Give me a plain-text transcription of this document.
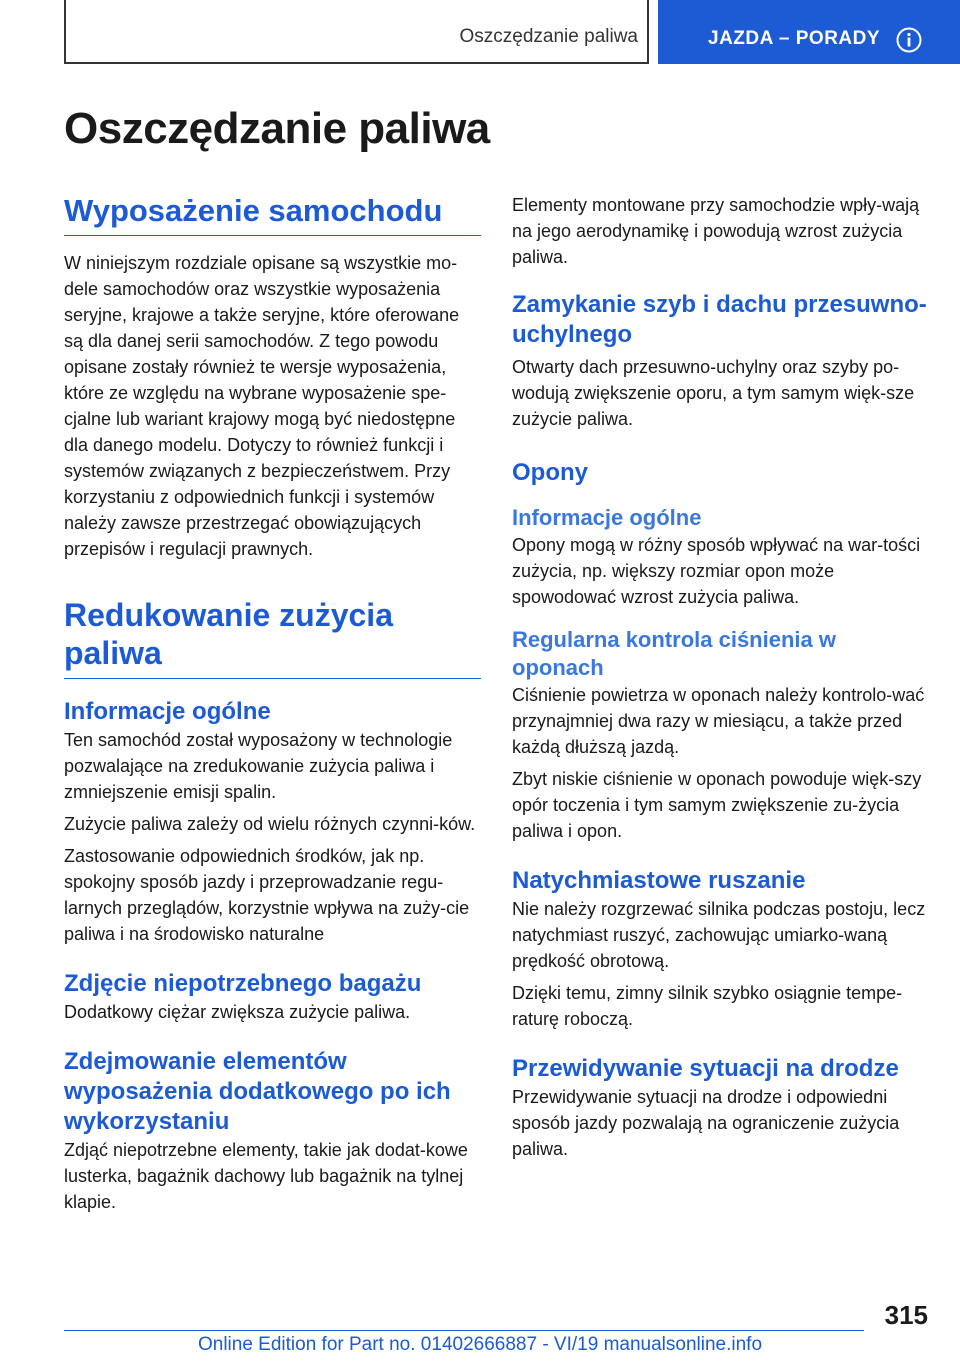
Oszczędzanie paliwa	JAZDA – PORADY
Oszczędzanie paliwa
Wyposażenie samochodu

W niniejszym rozdziale opisane są wszystkie mo-dele samochodów oraz wszystkie wyposażenia seryjne, krajowe a także seryjne, które oferowane są dla danej serii samochodów. Z tego powodu opisane zostały również te wersje wyposażenia, które ze względu na wybrane wyposażenie spe-cjalne lub wariant krajowy mogą być niedostępne dla danego modelu. Dotyczy to również funkcji i systemów związanych z bezpieczeństwem. Przy korzystaniu z odpowiednich funkcji i systemów należy zawsze przestrzegać obowiązujących przepisów i regulacji prawnych.

Redukowanie zużycia paliwa
Informacje ogólne

Ten samochód został wyposażony w technologie pozwalające na zredukowanie zużycia paliwa i zmniejszenie emisji spalin.

Zużycie paliwa zależy od wielu różnych czynni-ków.

Zastosowanie odpowiednich środków, jak np. spokojny sposób jazdy i przeprowadzanie regu-larnych przeglądów, korzystnie wpływa na zuży-cie paliwa i na środowisko naturalne

Zdjęcie niepotrzebnego bagażu

Dodatkowy ciężar zwiększa zużycie paliwa.

Zdejmowanie elementów wyposażenia dodatkowego po ich wykorzystaniu

Zdjąć niepotrzebne elementy, takie jak dodat-kowe lusterka, bagażnik dachowy lub bagażnik na tylnej klapie.

Elementy montowane przy samochodzie wpły-wają na jego aerodynamikę i powodują wzrost zużycia paliwa.

Zamykanie szyb i dachu przesuwno-uchylnego

Otwarty dach przesuwno-uchylny oraz szyby po-wodują zwiększenie oporu, a tym samym więk-sze zużycie paliwa.

Opony
Informacje ogólne

Opony mogą w różny sposób wpływać na war-tości zużycia, np. większy rozmiar opon może spowodować wzrost zużycia paliwa.

Regularna kontrola ciśnienia w oponach

Ciśnienie powietrza w oponach należy kontrolo-wać przynajmniej dwa razy w miesiącu, a także przed każdą dłuższą jazdą.

Zbyt niskie ciśnienie w oponach powoduje więk-szy opór toczenia i tym samym zwiększenie zu-życia paliwa i opon.

Natychmiastowe ruszanie

Nie należy rozgrzewać silnika podczas postoju, lecz natychmiast ruszyć, zachowując umiarko-waną prędkość obrotową.

Dzięki temu, zimny silnik szybko osiągnie tempe-raturę roboczą.

Przewidywanie sytuacji na drodze

Przewidywanie sytuacji na drodze i odpowiedni sposób jazdy pozwalają na ograniczenie zużycia paliwa.

315
Online Edition for Part no. 01402666887 - VI/19 manualsonline.info
